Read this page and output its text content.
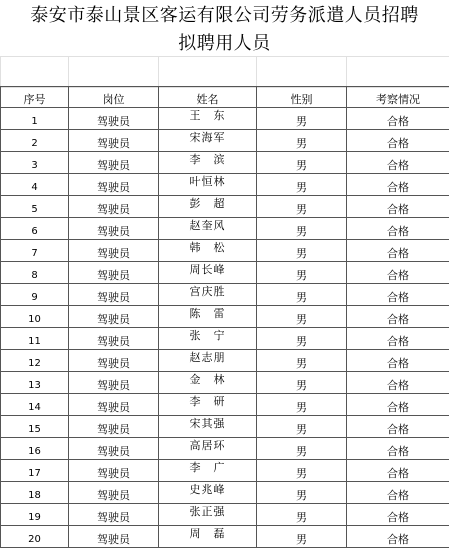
泰安市泰山景区客运有限公司劳务派遣人员招聘
拟聘用人员

序号	岗位	姓名	性别	考察情况
1	驾驶员	王　东	男	合格
2	驾驶员	宋海军	男	合格
3	驾驶员	李　滨	男	合格
4	驾驶员	叶恒林	男	合格
5	驾驶员	彭　超	男	合格
6	驾驶员	赵奎风	男	合格
7	驾驶员	韩　松	男	合格
8	驾驶员	周长峰	男	合格
9	驾驶员	宫庆胜	男	合格
10	驾驶员	陈　雷	男	合格
11	驾驶员	张　宁	男	合格
12	驾驶员	赵志朋	男	合格
13	驾驶员	金　林	男	合格
14	驾驶员	李　研	男	合格
15	驾驶员	宋其强	男	合格
16	驾驶员	高居环	男	合格
17	驾驶员	李　广	男	合格
18	驾驶员	史兆峰	男	合格
19	驾驶员	张正强	男	合格
20	驾驶员	周　磊	男	合格
